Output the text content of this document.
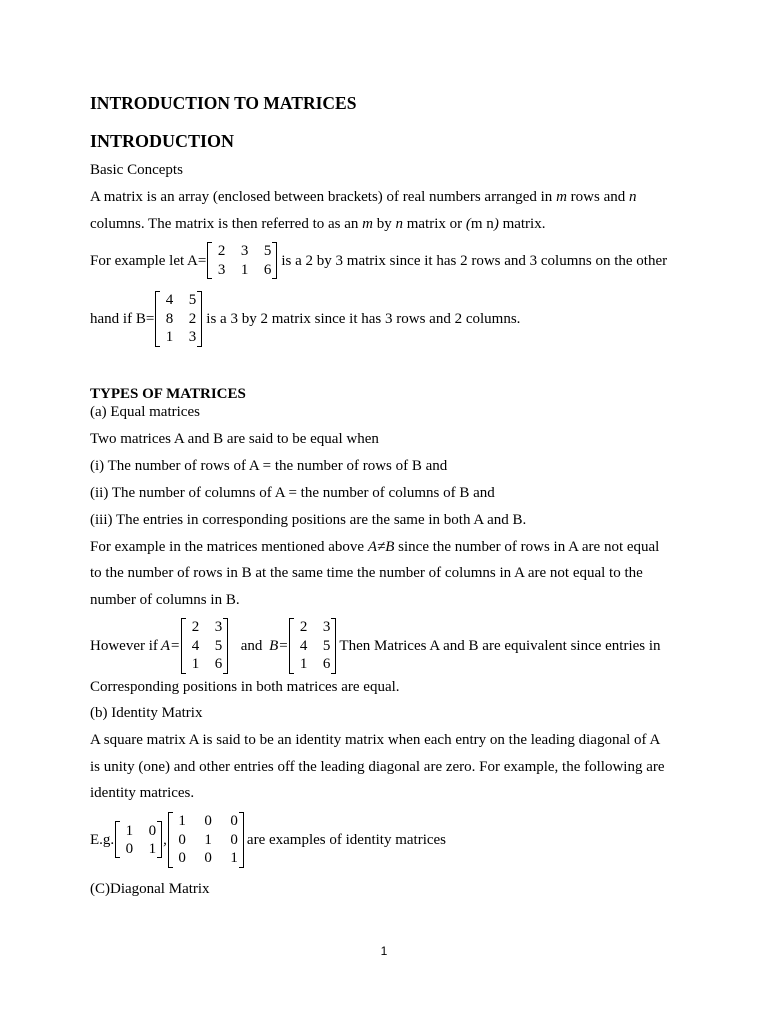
INTRODUCTION TO MATRICES
INTRODUCTION
Basic Concepts
A matrix is an array (enclosed between brackets) of real numbers arranged in m rows and n
columns. The matrix is then referred to as an m by n matrix or (m n) matrix.
For example let A=
2	3	5
3	1	6
is a 2 by 3 matrix since it has 2 rows and 3 columns on the other
hand if B=
4	5
8	2
1	3
is a 3 by 2 matrix since it has 3 rows and 2 columns.
TYPES OF MATRICES
(a) Equal matrices
Two matrices A and B are said to be equal when
(i) The number of rows of A = the number of rows of B and
(ii) The number of columns of A = the number of columns of B and
(iii) The entries in corresponding positions are the same in both A and B.
For example in the matrices mentioned above A≠B since the number of rows in A are not equal
to the number of rows in B at the same time the number of columns in A are not equal to the
number of columns in B.
However if A=
2	3
4	5
1	6
and B=
2	3
4	5
1	6
Then Matrices A and B are equivalent since entries in
Corresponding positions in both matrices are equal.
(b) Identity Matrix
A square matrix A is said to be an identity matrix when each entry on the leading diagonal of A
is unity (one) and other entries off the leading diagonal are zero. For example, the following are
identity matrices.
E.g.
1	0
0	1
,
1	0	0
0	1	0
0	0	1
are examples of identity matrices
(C)Diagonal Matrix
1
